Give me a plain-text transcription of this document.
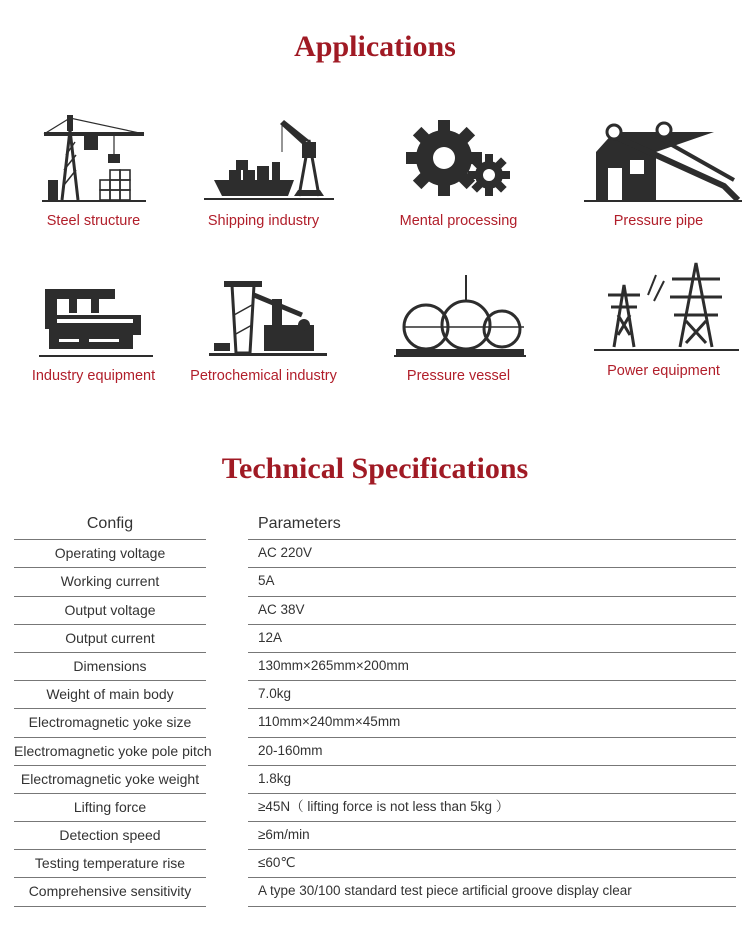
Applications
Steel structure	Shipping industry	Mental processing	Pressure pipe
Industry equipment	Petrochemical industry	Pressure vessel	Power equipment
Technical Specifications
Config	Parameters
Operating voltage	AC 220V
Working current	5A
Output voltage	AC 38V
Output current	12A
Dimensions	130mm×265mm×200mm
Weight of main body	7.0kg
Electromagnetic yoke size	110mm×240mm×45mm
Electromagnetic yoke pole pitch	20-160mm
Electromagnetic yoke weight	1.8kg
Lifting force	≥45N（ lifting force is not less than 5kg ）
Detection speed	≥6m/min
Testing temperature rise	≤60℃
Comprehensive sensitivity	A type 30/100 standard test piece artificial groove display clear
